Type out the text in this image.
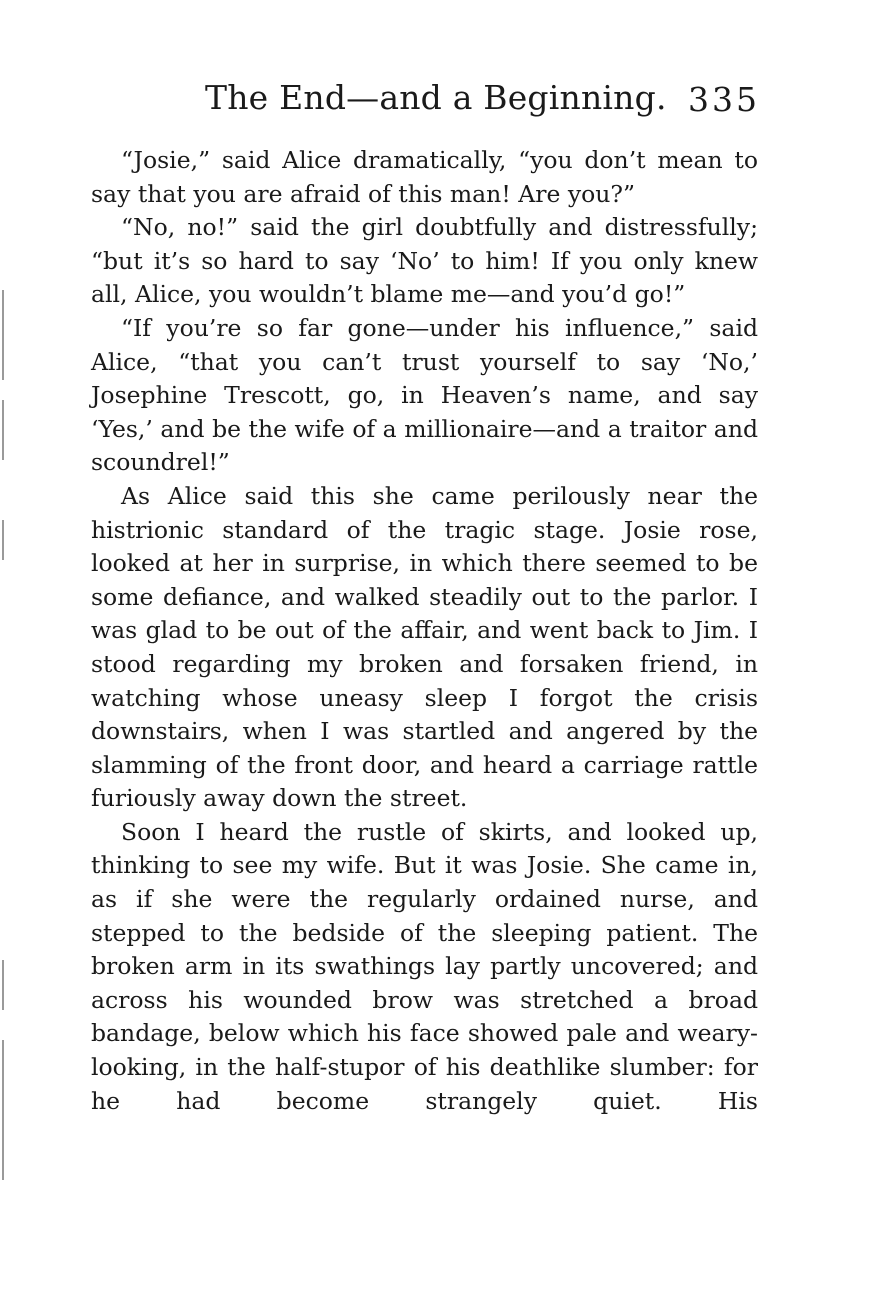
The End—and a Beginning. 335

“Josie,” said Alice dramatically, “you don’t mean to say that you are afraid of this man! Are you?”

“No, no!” said the girl doubtfully and distressfully; “but it’s so hard to say ‘No’ to him! If you only knew all, Alice, you wouldn’t blame me—and you’d go!”

“If you’re so far gone—under his influence,” said Alice, “that you can’t trust yourself to say ‘No,’ Josephine Trescott, go, in Heaven’s name, and say ‘Yes,’ and be the wife of a millionaire—and a traitor and scoundrel!”

As Alice said this she came perilously near the histrionic standard of the tragic stage. Josie rose, looked at her in surprise, in which there seemed to be some defiance, and walked steadily out to the parlor. I was glad to be out of the affair, and went back to Jim. I stood regarding my broken and forsaken friend, in watching whose uneasy sleep I forgot the crisis downstairs, when I was startled and angered by the slamming of the front door, and heard a carriage rattle furiously away down the street.

Soon I heard the rustle of skirts, and looked up, thinking to see my wife. But it was Josie. She came in, as if she were the regularly ordained nurse, and stepped to the bedside of the sleeping patient. The broken arm in its swathings lay partly uncovered; and across his wounded brow was stretched a broad bandage, below which his face showed pale and weary-looking, in the half-stupor of his deathlike slumber: for he had become strangely quiet. His
